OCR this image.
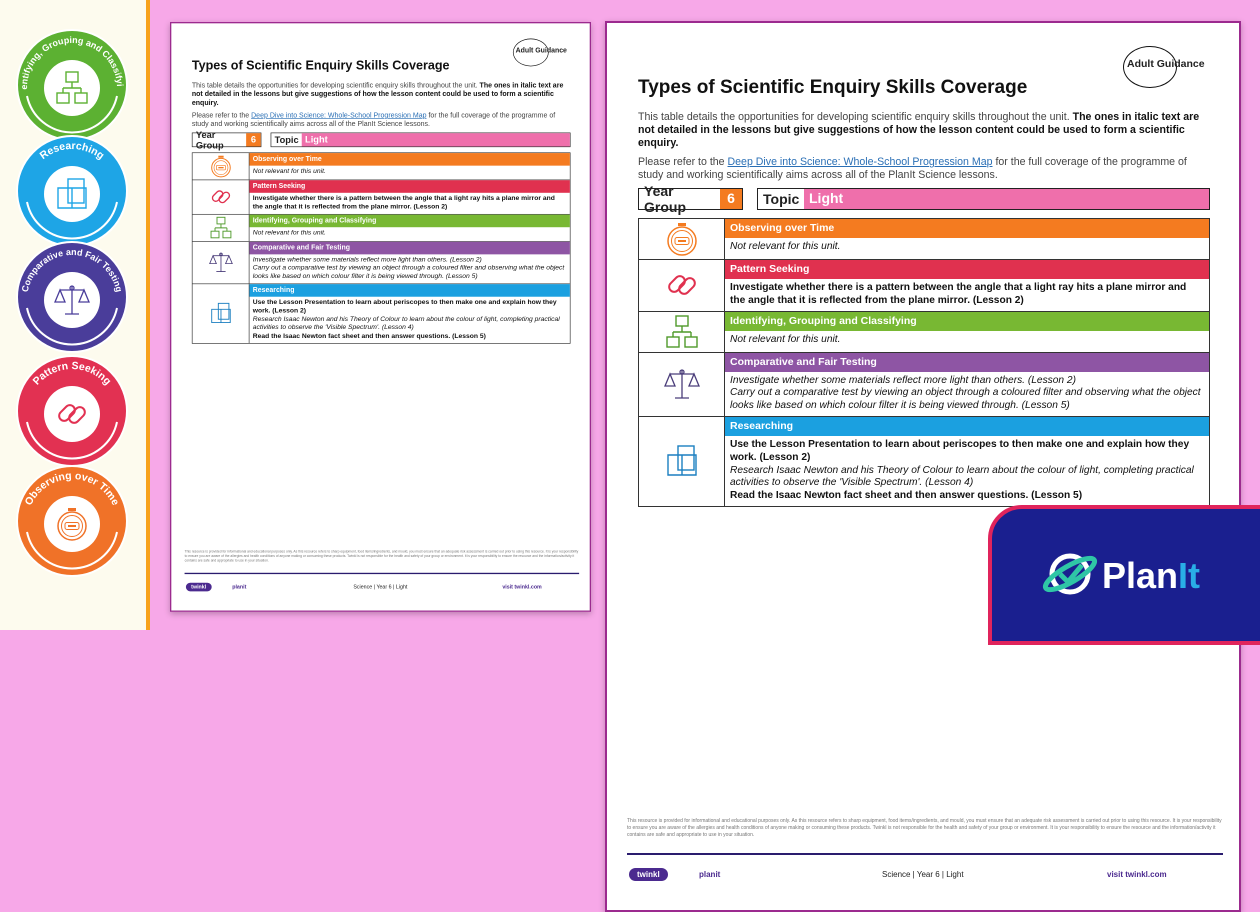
entifying, Grouping and Classifyi
Researching
Comparative and Fair Testing
Pattern Seeking
Observing over Time
Adult Guidance
Types of Scientific Enquiry Skills Coverage

This table details the opportunities for developing scientific enquiry skills throughout the unit. The ones in italic text are not detailed in the lessons but give suggestions of how the lesson content could be used to form a scientific enquiry.

Please refer to the Deep Dive into Science: Whole-School Progression Map for the full coverage of the programme of study and working scientifically aims across all of the PlanIt Science lessons.

Year Group
6	Topic Light
Observing over Time
Not relevant for this unit.
Pattern Seeking
Investigate whether there is a pattern between the angle that a light ray hits a plane mirror and the angle that it is reflected from the plane mirror. (Lesson 2)
Identifying, Grouping and Classifying
Not relevant for this unit.
Comparative and Fair Testing
Investigate whether some materials reflect more light than others. (Lesson 2)
Carry out a comparative test by viewing an object through a coloured filter and observing what the object looks like based on which colour filter it is being viewed through. (Lesson 5)
Researching
Use the Lesson Presentation to learn about periscopes to then make one and explain how they work. (Lesson 2)
Research Isaac Newton and his Theory of Colour to learn about the colour of light, completing practical activities to observe the 'Visible Spectrum'. (Lesson 4)
Read the Isaac Newton fact sheet and then answer questions. (Lesson 5)

This resource is provided for informational and educational purposes only. As this resource refers to sharp equipment, food items/ingredients, and mould, you must ensure that an adequate risk assessment is carried out prior to using this resource. It is your responsibility to ensure you are aware of the allergies and health conditions of anyone making or consuming these products. Twinkl is not responsible for the health and safety of your group or environment. It is your responsibility to ensure the resource and the information/activity it contains are safe and appropriate to use in your situation.

twinkl	planit	Science | Year 6 | Light	visit twinkl.com
Adult Guidance
Types of Scientific Enquiry Skills Coverage

This table details the opportunities for developing scientific enquiry skills throughout the unit. The ones in italic text are not detailed in the lessons but give suggestions of how the lesson content could be used to form a scientific enquiry.

Please refer to the Deep Dive into Science: Whole-School Progression Map for the full coverage of the programme of study and working scientifically aims across all of the PlanIt Science lessons.

Year Group
6	Topic Light
Observing over Time
Not relevant for this unit.
Pattern Seeking
Investigate whether there is a pattern between the angle that a light ray hits a plane mirror and the angle that it is reflected from the plane mirror. (Lesson 2)
Identifying, Grouping and Classifying
Not relevant for this unit.
Comparative and Fair Testing
Investigate whether some materials reflect more light than others. (Lesson 2)
Carry out a comparative test by viewing an object through a coloured filter and observing what the object looks like based on which colour filter it is being viewed through. (Lesson 5)
Researching
Use the Lesson Presentation to learn about periscopes to then make one and explain how they work. (Lesson 2)
Research Isaac Newton and his Theory of Colour to learn about the colour of light, completing practical activities to observe the 'Visible Spectrum'. (Lesson 4)
Read the Isaac Newton fact sheet and then answer questions. (Lesson 5)

This resource is provided for informational and educational purposes only. As this resource refers to sharp equipment, food items/ingredients, and mould, you must ensure that an adequate risk assessment is carried out prior to using this resource. It is your responsibility to ensure you are aware of the allergies and health conditions of anyone making or consuming these products. Twinkl is not responsible for the health and safety of your group or environment. It is your responsibility to ensure the resource and the information/activity it contains are safe and appropriate to use in your situation.

twinkl	planit	Science | Year 6 | Light	visit twinkl.com	PlanIt
